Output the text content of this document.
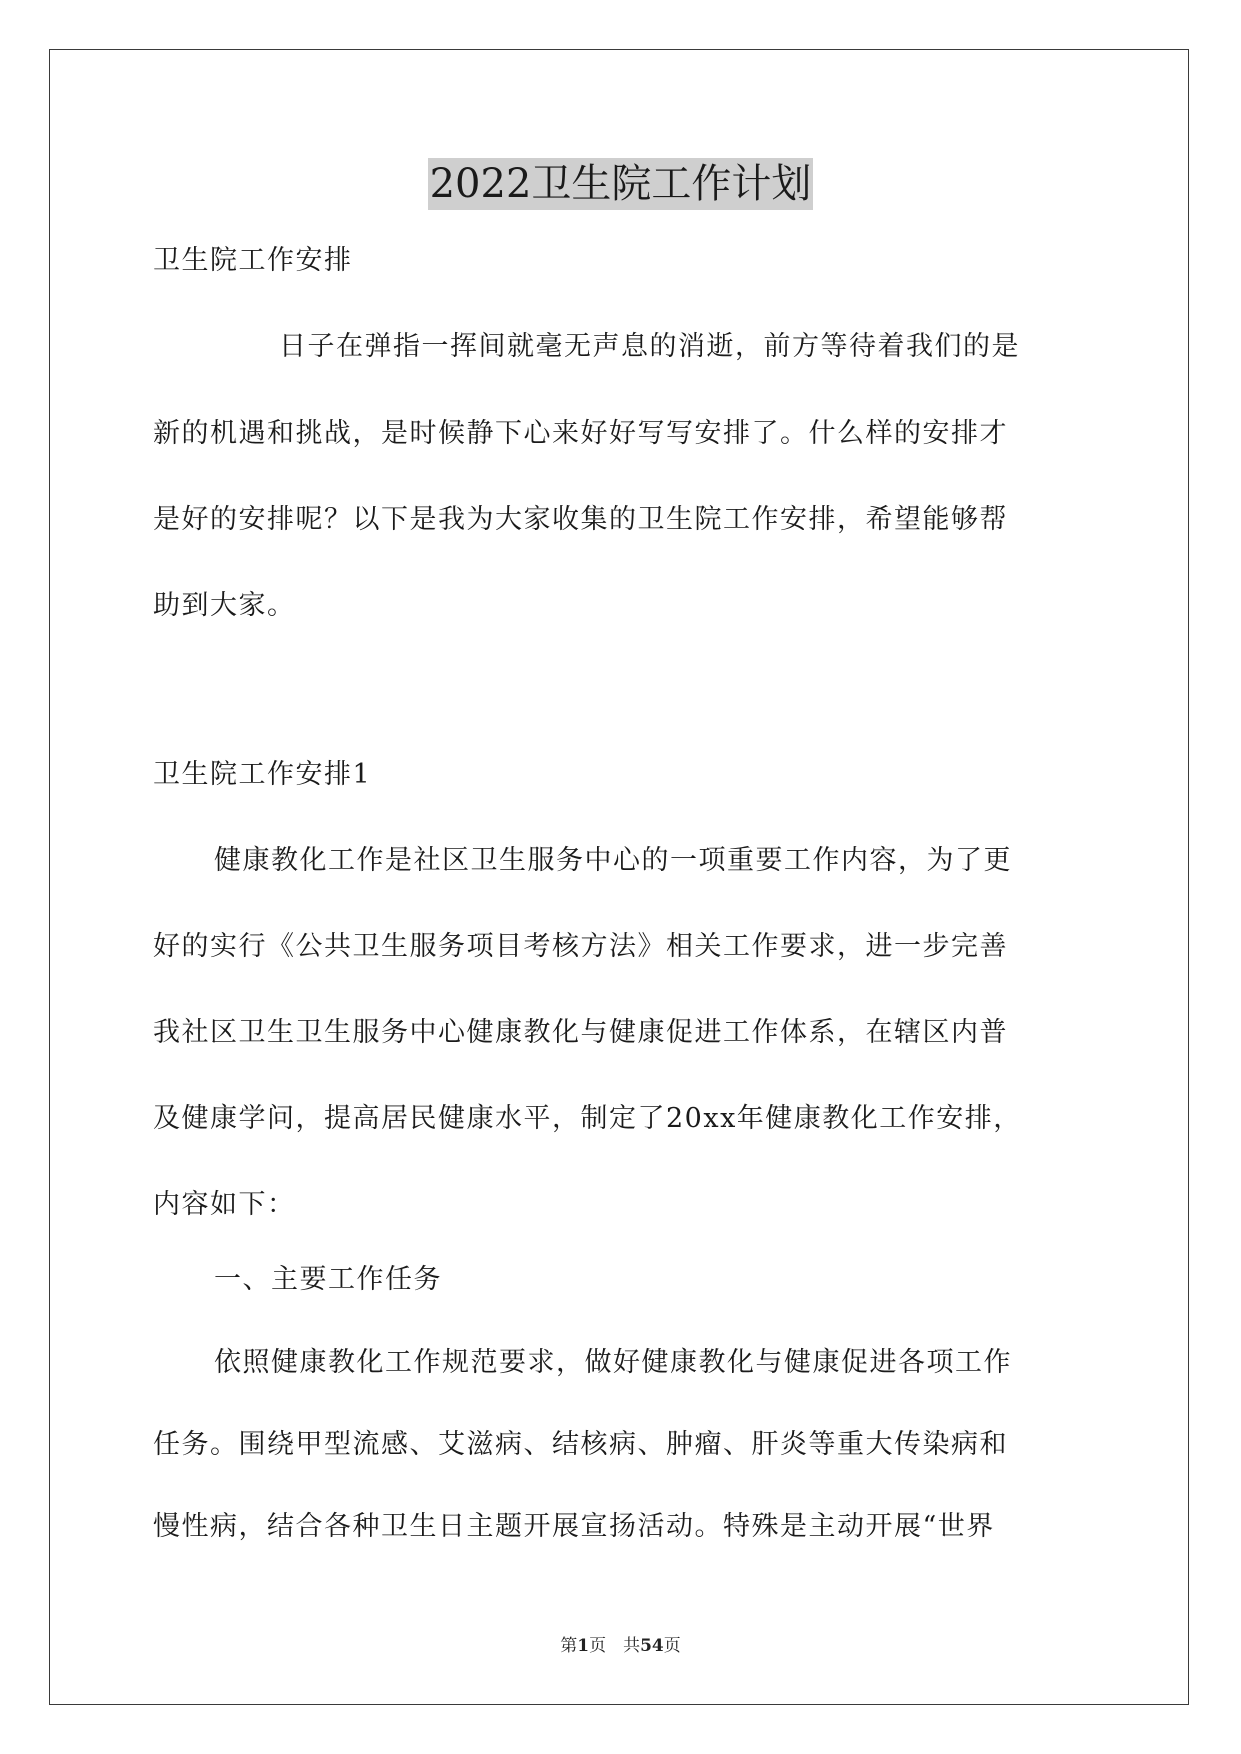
2022卫生院工作计划
卫生院工作安排
日子在弹指一挥间就毫无声息的消逝，前方等待着我们的是
新的机遇和挑战，是时候静下心来好好写写安排了。什么样的安排才
是好的安排呢？以下是我为大家收集的卫生院工作安排，希望能够帮
助到大家。
卫生院工作安排1
健康教化工作是社区卫生服务中心的一项重要工作内容，为了更
好的实行《公共卫生服务项目考核方法》相关工作要求，进一步完善
我社区卫生卫生服务中心健康教化与健康促进工作体系，在辖区内普
及健康学问，提高居民健康水平，制定了20xx年健康教化工作安排，
内容如下：
一、主要工作任务
依照健康教化工作规范要求，做好健康教化与健康促进各项工作
任务。围绕甲型流感、艾滋病、结核病、肿瘤、肝炎等重大传染病和
慢性病，结合各种卫生日主题开展宣扬活动。特殊是主动开展“世界
第1页　共54页
